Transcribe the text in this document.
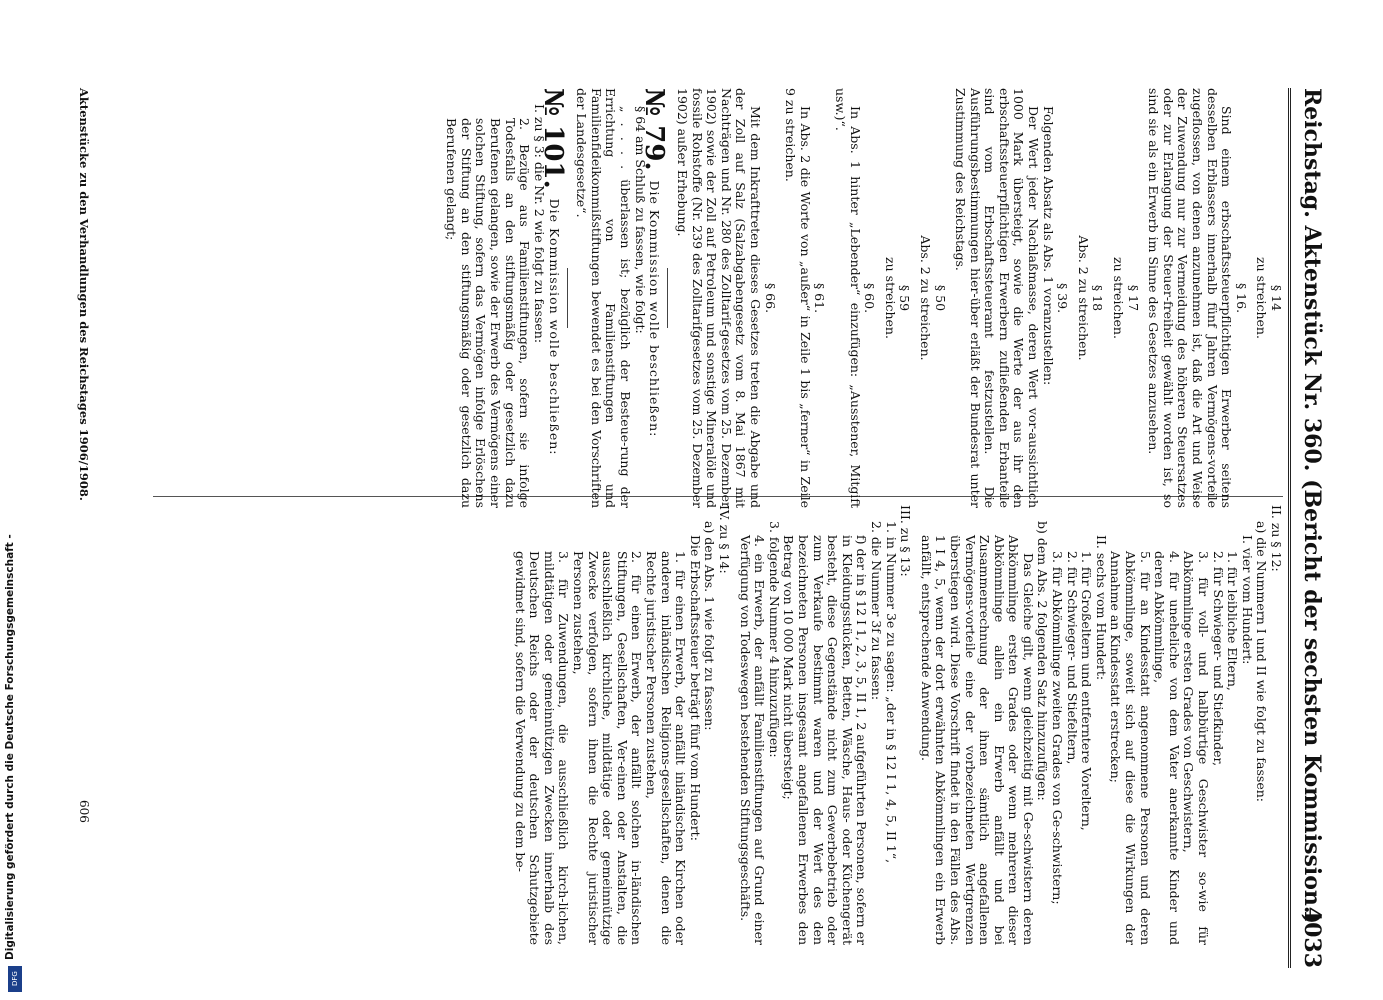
Reichstag. Aktenstück Nr. 360. (Bericht der sechsten Kommission.)
4033

§ 14

zu streichen.

§ 16.

Sind einem erbschaftssteuerpflichtigen Erwerber seitens desselben Erblassers innerhalb fünf Jahren Vermögens-vorteile zugeflossen, von denen anzunehmen ist, daß die Art und Weise der Zuwendung nur zur Vermeidung des höheren Steuersatzes oder zur Erlangung der Steuer-freiheit gewählt worden ist, so sind sie als ein Erwerb im Sinne des Gesetzes anzusehen.

§ 17

zu streichen.

§ 18

Abs. 2 zu streichen.

§ 39.

Folgenden Absatz als Abs. 1 voranzustellen:

Der Wert jeder Nachlaßmasse, deren Wert vor-aussichtlich 1000 Mark übersteigt, sowie die Werte der aus ihr den erbschaftssteuerpflichtigen Erwerbern zufließenden Erbanteile sind vom Erbschaftssteueramt festzustellen. Die Ausführungsbestimmungen hier-über erläßt der Bundesrat unter Zustimmung des Reichstags.

§ 50

Abs. 2 zu streichen.

§ 59

zu streichen.

§ 60.

In Abs. 1 hinter „Lebender“ einzufügen: „Ausstener, Mitgift usw.)“.

§ 61.

In Abs. 2 die Worte von „außer“ in Zeile 1 bis „ferner“ in Zeile 9 zu streichen.

§ 66.

Mit dem Inkrafttreten dieses Gesetzes treten die Abgabe und der Zoll auf Salz (Salzabgabengesetz vom 8. Mai 1867 mit Nachträgen und Nr. 280 des Zolltarif-gesetzes vom 25. Dezember 1902) sowie der Zoll auf Petroleum und sonstige Mineralöle und fossile Rohstoffe (Nr. 239 des Zolltarifgesetzes vom 25. Dezember 1902) außer Erhebung.

№ 79. Die Kommission wolle beschließen:

§ 64 am Schluß zu fassen, wie folgt:

„ . . . . überlassen ist; bezüglich der Besteue-rung der Errichtung von Familienstiftungen und Familienfideikommißstiftungen bewendet es bei den Vorschriften der Landesgesetze“.

№ 101. Die Kommission wolle beschließen:

I. zu § 3: die Nr. 2 wie folgt zu fassen:

2. Bezüge aus Familienstiftungen, sofern sie infolge Todesfalls an den stiftungsmäßig oder gesetzlich dazu Berufenen gelangen, sowie der Erwerb des Vermögens einer solchen Stiftung, sofern das Vermögen infolge Erlöschens der Stiftung an den stiftungsmäßig oder gesetzlich dazu Berufenen gelangt;

II. zu § 12:

a) die Nummern I und II wie folgt zu fassen:

I. vier vom Hundert:

1. für leibliche Eltern,

2. für Schwieger- und Stiefkinder,

3. für voll- und halbbürtige Geschwister so-wie für Abkömmlinge ersten Grades von Geschwistern,

4. für uneheliche von dem Vater anerkannte Kinder und deren Abkömmlinge,

5. für an Kindesstatt angenommene Personen und deren Abkömmlinge, soweit sich auf diese die Wirkungen der Annahme an Kindesstatt erstrecken;

II. sechs vom Hundert:

1. für Großeltern und entferntere Voreltern,

2. für Schwieger- und Stiefeltern,

3. für Abkömmlinge zweiten Grades von Ge-schwistern;

b) dem Abs. 2 folgenden Satz hinzuzufügen:

Das Gleiche gilt, wenn gleichzeitig mit Ge-schwistern deren Abkömmlinge ersten Grades oder wenn mehreren dieser Abkömmlinge allein ein Erwerb anfällt und bei Zusammenrechnung der ihnen sämtlich angefallenen Vermögens-vorteile eine der vorbezeichneten Wertgrenzen überstiegen wird. Diese Vorschrift findet in den Fällen des Abs. 1 I 4, 5, wenn der dort erwähnten Abkömmlingen ein Erwerb anfällt, entsprechende Anwendung.

III. zu § 13:

1. in Nummer 3e zu sagen: „der in § 12 I 1, 4, 5, II 1“,

2. die Nummer 3f zu fassen:

f) der in § 12 I 1, 2, 3, 5, II 1, 2 aufgeführten Personen, sofern er in Kleidungsstücken, Betten, Wäsche, Haus- oder Küchengerät besteht, diese Gegenstände nicht zum Gewerbebetrieb oder zum Verkaufe bestimmt waren und der Wert des den bezeichneten Personen insgesamt angefallenen Erwerbes den Betrag von 10 000 Mark nicht übersteigt;

3. folgende Nummer 4 hinzuzufügen:

4. ein Erwerb, der anfällt Familienstiftungen auf Grund einer Verfügung von Todeswegen bestehenden Stiftungsgeschäfts.

IV. zu § 14:

a) den Abs. 1 wie folgt zu fassen:

Die Erbschaftssteuer beträgt fünf vom Hundert:

1. für einen Erwerb, der anfällt inländischen Kirchen oder anderen inländischen Religions-gesellschaften, denen die Rechte juristischer Personen zustehen,

2. für einen Erwerb, der anfällt solchen in-ländischen Stiftungen, Gesellschaften, Ver-einen oder Anstalten, die ausschließlich kirchliche, mildtätige oder gemeinnützige Zwecke verfolgen, sofern ihnen die Rechte juristischer Personen zustehen,

3. für Zuwendungen, die ausschließlich kirch-lichen, mildtätigen oder gemeinnützigen Zwecken innerhalb des Deutschen Reichs oder der deutschen Schutzgebiete gewidmet sind, sofern die Verwendung zu dem be-

Aktenstücke zu den Verhandlungen des Reichstages 1906/1908.
606
Digitalisierung gefördert durch die Deutsche Forschungsgemeinschaft -
DFG
